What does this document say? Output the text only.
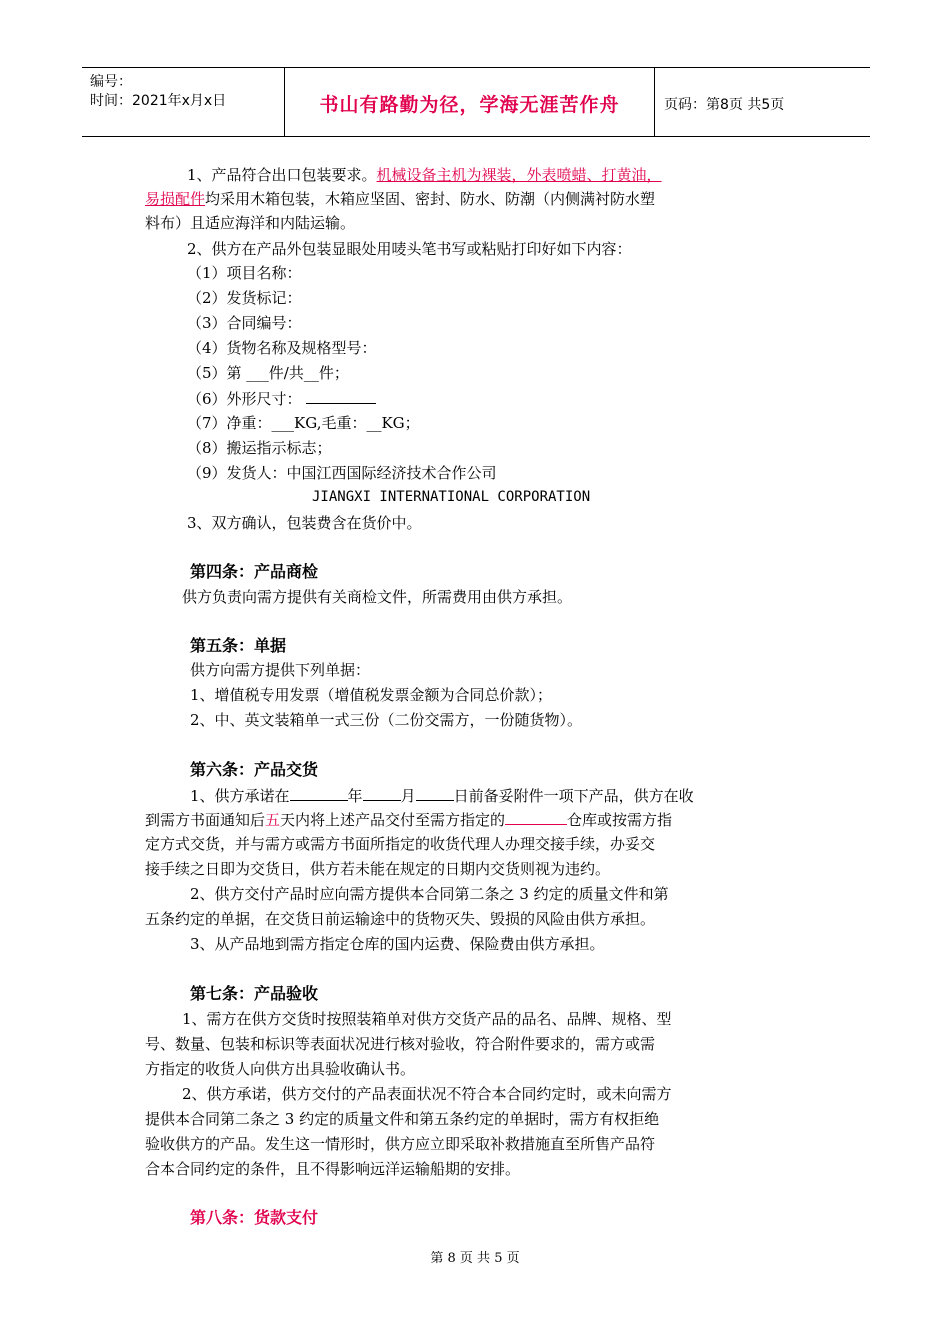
编号：
时间：2021年x月x日	书山有路勤为径，学海无涯苦作舟	页码：第8页 共5页
1、产品符合出口包装要求。机械设备主机为裸装，外表喷蜡、打黄油，
易损配件均采用木箱包装，木箱应坚固、密封、防水、防潮（内侧满衬防水塑
料布）且适应海洋和内陆运输。
2、供方在产品外包装显眼处用唛头笔书写或粘贴打印好如下内容：
（1）项目名称：
（2）发货标记：
（3）合同编号：
（4）货物名称及规格型号：
（5）第 ___件/共__件；
（6）外形尺寸：
（7）净重：___KG,毛重：__KG；
（8）搬运指示标志；
（9）发货人：中国江西国际经济技术合作公司
JIANGXI INTERNATIONAL CORPORATION
3、双方确认，包装费含在货价中。
第四条：产品商检
供方负责向需方提供有关商检文件，所需费用由供方承担。
第五条：单据
供方向需方提供下列单据：
1、增值税专用发票（增值税发票金额为合同总价款）；
2、中、英文装箱单一式三份（二份交需方，一份随货物）。
第六条：产品交货
1、供方承诺在	年	月	日前备妥附件一项下产品，供方在收
到需方书面通知后五天内将上述产品交付至需方指定的	仓库或按需方指
定方式交货，并与需方或需方书面所指定的收货代理人办理交接手续，办妥交
接手续之日即为交货日，供方若未能在规定的日期内交货则视为违约。
2、供方交付产品时应向需方提供本合同第二条之 3 约定的质量文件和第
五条约定的单据，在交货日前运输途中的货物灭失、毁损的风险由供方承担。
3、从产品地到需方指定仓库的国内运费、保险费由供方承担。
第七条：产品验收
1、需方在供方交货时按照装箱单对供方交货产品的品名、品牌、规格、型
号、数量、包装和标识等表面状况进行核对验收，符合附件要求的，需方或需
方指定的收货人向供方出具验收确认书。
2、供方承诺，供方交付的产品表面状况不符合本合同约定时，或未向需方
提供本合同第二条之 3 约定的质量文件和第五条约定的单据时，需方有权拒绝
验收供方的产品。发生这一情形时，供方应立即采取补救措施直至所售产品符
合本合同约定的条件，且不得影响远洋运输船期的安排。
第八条：货款支付
第 8 页 共 5 页
